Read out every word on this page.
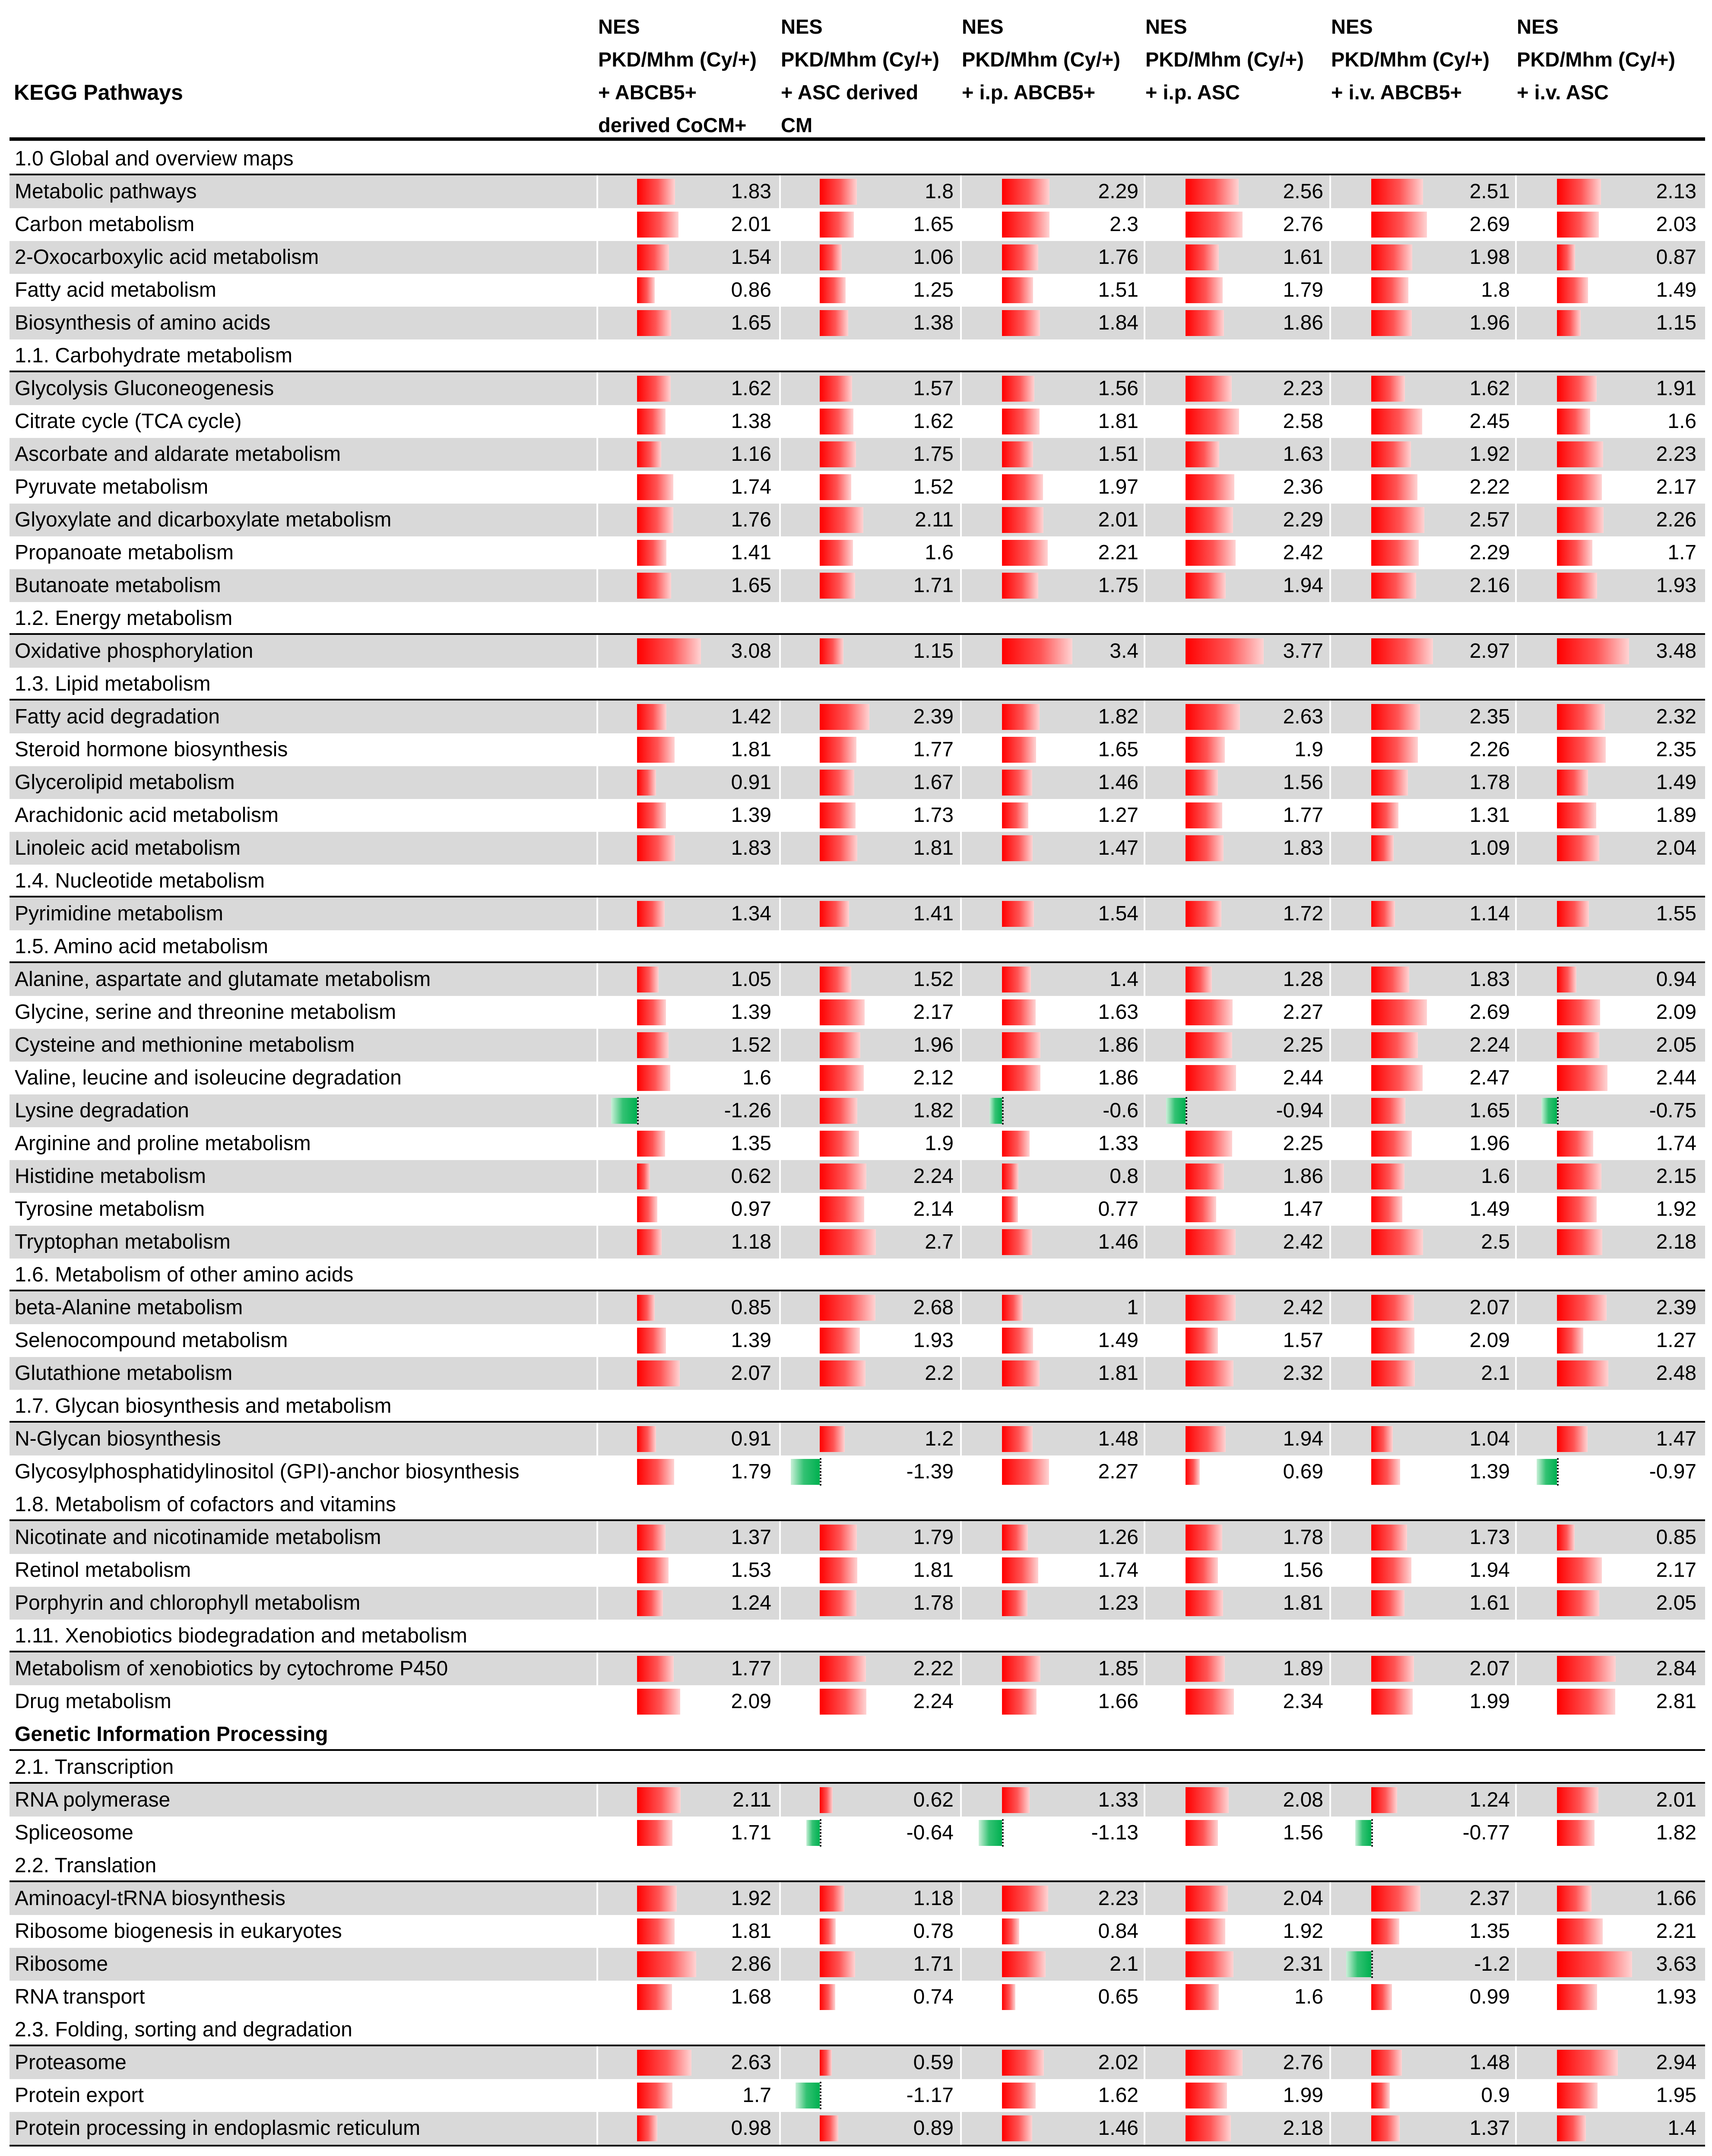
KEGG Pathways
NES
PKD/Mhm (Cy/+)
+ ABCB5+
derived CoCM+
NES
PKD/Mhm (Cy/+)
+ ASC derived
CM
NES
PKD/Mhm (Cy/+)
+ i.p. ABCB5+
NES
PKD/Mhm (Cy/+)
+ i.p. ASC
NES
PKD/Mhm (Cy/+)
+ i.v. ABCB5+
NES
PKD/Mhm (Cy/+)
+ i.v. ASC
1.0 Global and overview maps
Metabolic pathways	1.83	1.8	2.29	2.56	2.51	2.13
Carbon metabolism	2.01	1.65	2.3	2.76	2.69	2.03
2-Oxocarboxylic acid metabolism	1.54	1.06	1.76	1.61	1.98	0.87
Fatty acid metabolism	0.86	1.25	1.51	1.79	1.8	1.49
Biosynthesis of amino acids	1.65	1.38	1.84	1.86	1.96	1.15
1.1. Carbohydrate metabolism
Glycolysis Gluconeogenesis	1.62	1.57	1.56	2.23	1.62	1.91
Citrate cycle (TCA cycle)	1.38	1.62	1.81	2.58	2.45	1.6
Ascorbate and aldarate metabolism	1.16	1.75	1.51	1.63	1.92	2.23
Pyruvate metabolism	1.74	1.52	1.97	2.36	2.22	2.17
Glyoxylate and dicarboxylate metabolism	1.76	2.11	2.01	2.29	2.57	2.26
Propanoate metabolism	1.41	1.6	2.21	2.42	2.29	1.7
Butanoate metabolism	1.65	1.71	1.75	1.94	2.16	1.93
1.2. Energy metabolism
Oxidative phosphorylation	3.08	1.15	3.4	3.77	2.97	3.48
1.3. Lipid metabolism
Fatty acid degradation	1.42	2.39	1.82	2.63	2.35	2.32
Steroid hormone biosynthesis	1.81	1.77	1.65	1.9	2.26	2.35
Glycerolipid metabolism	0.91	1.67	1.46	1.56	1.78	1.49
Arachidonic acid metabolism	1.39	1.73	1.27	1.77	1.31	1.89
Linoleic acid metabolism	1.83	1.81	1.47	1.83	1.09	2.04
1.4. Nucleotide metabolism
Pyrimidine metabolism	1.34	1.41	1.54	1.72	1.14	1.55
1.5. Amino acid metabolism
Alanine, aspartate and glutamate metabolism	1.05	1.52	1.4	1.28	1.83	0.94
Glycine, serine and threonine metabolism	1.39	2.17	1.63	2.27	2.69	2.09
Cysteine and methionine metabolism	1.52	1.96	1.86	2.25	2.24	2.05
Valine, leucine and isoleucine degradation	1.6	2.12	1.86	2.44	2.47	2.44
Lysine degradation	-1.26	1.82	-0.6	-0.94	1.65	-0.75
Arginine and proline metabolism	1.35	1.9	1.33	2.25	1.96	1.74
Histidine metabolism	0.62	2.24	0.8	1.86	1.6	2.15
Tyrosine metabolism	0.97	2.14	0.77	1.47	1.49	1.92
Tryptophan metabolism	1.18	2.7	1.46	2.42	2.5	2.18
1.6. Metabolism of other amino acids
beta-Alanine metabolism	0.85	2.68	1	2.42	2.07	2.39
Selenocompound metabolism	1.39	1.93	1.49	1.57	2.09	1.27
Glutathione metabolism	2.07	2.2	1.81	2.32	2.1	2.48
1.7. Glycan biosynthesis and metabolism
N-Glycan biosynthesis	0.91	1.2	1.48	1.94	1.04	1.47
Glycosylphosphatidylinositol (GPI)-anchor biosynthesis	1.79	-1.39	2.27	0.69	1.39	-0.97
1.8. Metabolism of cofactors and vitamins
Nicotinate and nicotinamide metabolism	1.37	1.79	1.26	1.78	1.73	0.85
Retinol metabolism	1.53	1.81	1.74	1.56	1.94	2.17
Porphyrin and chlorophyll metabolism	1.24	1.78	1.23	1.81	1.61	2.05
1.11. Xenobiotics biodegradation and metabolism
Metabolism of xenobiotics by cytochrome P450	1.77	2.22	1.85	1.89	2.07	2.84
Drug metabolism	2.09	2.24	1.66	2.34	1.99	2.81
Genetic Information Processing
2.1. Transcription
RNA polymerase	2.11	0.62	1.33	2.08	1.24	2.01
Spliceosome	1.71	-0.64	-1.13	1.56	-0.77	1.82
2.2. Translation
Aminoacyl-tRNA biosynthesis	1.92	1.18	2.23	2.04	2.37	1.66
Ribosome biogenesis in eukaryotes	1.81	0.78	0.84	1.92	1.35	2.21
Ribosome	2.86	1.71	2.1	2.31	-1.2	3.63
RNA transport	1.68	0.74	0.65	1.6	0.99	1.93
2.3. Folding, sorting and degradation
Proteasome	2.63	0.59	2.02	2.76	1.48	2.94
Protein export	1.7	-1.17	1.62	1.99	0.9	1.95
Protein processing in endoplasmic reticulum	0.98	0.89	1.46	2.18	1.37	1.4
